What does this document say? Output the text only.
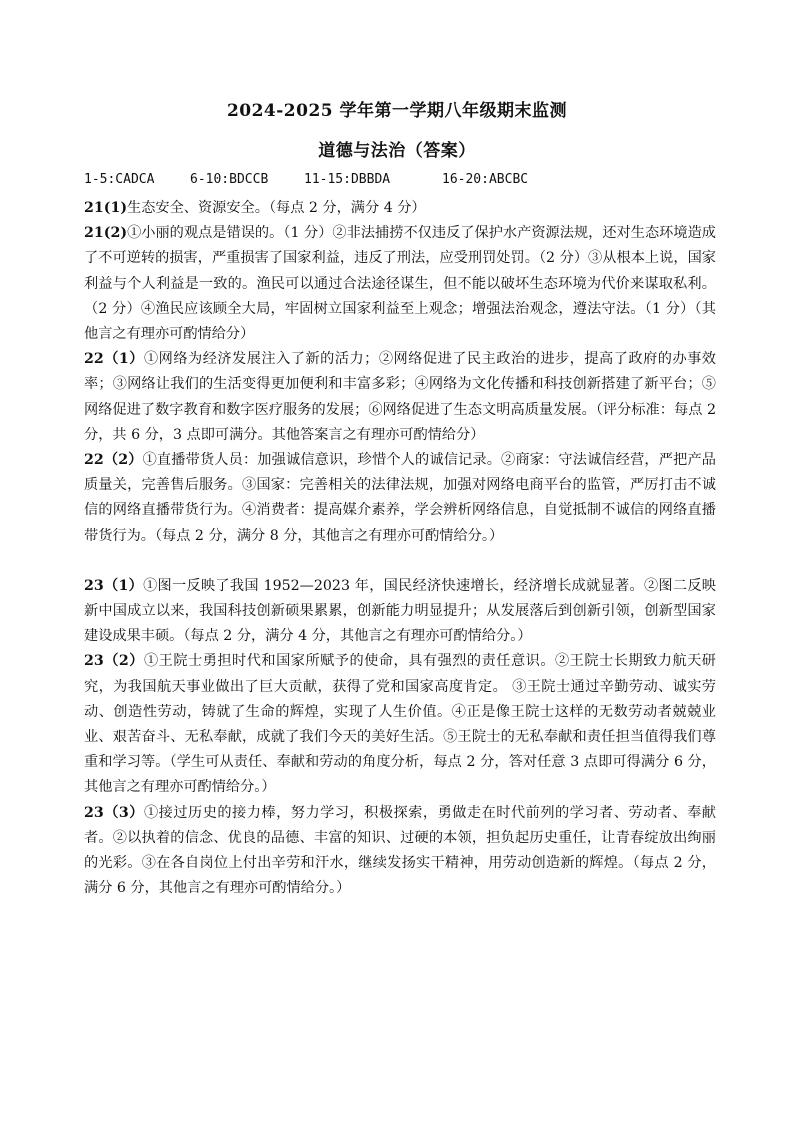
2024-2025 学年第一学期八年级期末监测
道德与法治（答案）
1-5:CADCA	6-10:BDCCB	11-15:DBBDA	16-20:ABCBC

21(1)生态安全、资源安全。（每点 2 分，满分 4 分）

21(2)①小丽的观点是错误的。（1 分）②非法捕捞不仅违反了保护水产资源法规，还对生态环境造成了不可逆转的损害，严重损害了国家利益，违反了刑法，应受刑罚处罚。（2 分）③从根本上说，国家利益与个人利益是一致的。渔民可以通过合法途径谋生，但不能以破坏生态环境为代价来谋取私利。（2 分）④渔民应该顾全大局，牢固树立国家利益至上观念；增强法治观念，遵法守法。（1 分）（其他言之有理亦可酌情给分）

22（1）①网络为经济发展注入了新的活力；②网络促进了民主政治的进步，提高了政府的办事效率；③网络让我们的生活变得更加便利和丰富多彩；④网络为文化传播和科技创新搭建了新平台；⑤网络促进了数字教育和数字医疗服务的发展；⑥网络促进了生态文明高质量发展。（评分标准：每点 2 分，共 6 分，3 点即可满分。其他答案言之有理亦可酌情给分）

22（2）①直播带货人员：加强诚信意识，珍惜个人的诚信记录。②商家：守法诚信经营，严把产品质量关，完善售后服务。③国家：完善相关的法律法规，加强对网络电商平台的监管，严厉打击不诚信的网络直播带货行为。④消费者：提高媒介素养，学会辨析网络信息，自觉抵制不诚信的网络直播带货行为。（每点 2 分，满分 8 分，其他言之有理亦可酌情给分。）

23（1）①图一反映了我国 1952—2023 年，国民经济快速增长，经济增长成就显著。②图二反映新中国成立以来，我国科技创新硕果累累，创新能力明显提升；从发展落后到创新引领，创新型国家建设成果丰硕。（每点 2 分，满分 4 分，其他言之有理亦可酌情给分。）

23（2）①王院士勇担时代和国家所赋予的使命，具有强烈的责任意识。②王院士长期致力航天研究，为我国航天事业做出了巨大贡献，获得了党和国家高度肯定。 ③王院士通过辛勤劳动、诚实劳动、创造性劳动，铸就了生命的辉煌，实现了人生价值。④正是像王院士这样的无数劳动者兢兢业业、艰苦奋斗、无私奉献，成就了我们今天的美好生活。⑤王院士的无私奉献和责任担当值得我们尊重和学习等。（学生可从责任、奉献和劳动的角度分析，每点 2 分，答对任意 3 点即可得满分 6 分，其他言之有理亦可酌情给分。）

23（3）①接过历史的接力棒，努力学习，积极探索，勇做走在时代前列的学习者、劳动者、奉献者。②以执着的信念、优良的品德、丰富的知识、过硬的本领，担负起历史重任，让青春绽放出绚丽的光彩。③在各自岗位上付出辛劳和汗水，继续发扬实干精神，用劳动创造新的辉煌。（每点 2 分，满分 6 分，其他言之有理亦可酌情给分。）
